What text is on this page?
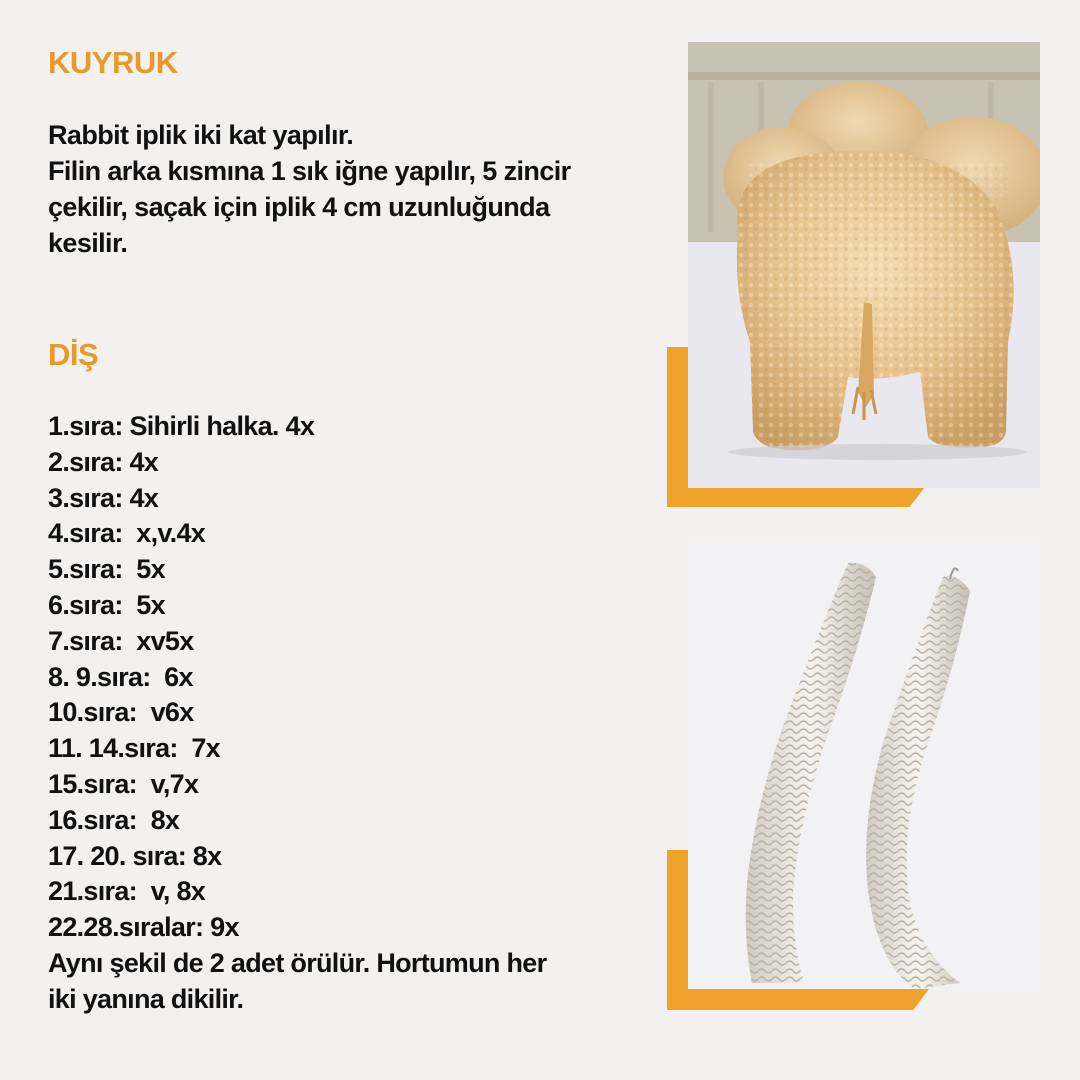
KUYRUK
Rabbit iplik iki kat yapılır.
Filin arka kısmına 1 sık iğne yapılır, 5 zincir
çekilir, saçak için iplik 4 cm uzunluğunda
kesilir.
DİŞ
1.sıra: Sihirli halka. 4x
2.sıra: 4x
3.sıra: 4x
4.sıra:  x,v.4x
5.sıra:  5x
6.sıra:  5x
7.sıra:  xv5x
8. 9.sıra:  6x
10.sıra:  v6x
11. 14.sıra:  7x
15.sıra:  v,7x
16.sıra:  8x
17. 20. sıra: 8x
21.sıra:  v, 8x
22.28.sıralar: 9x
Aynı şekil de 2 adet örülür. Hortumun her
iki yanına dikilir.
